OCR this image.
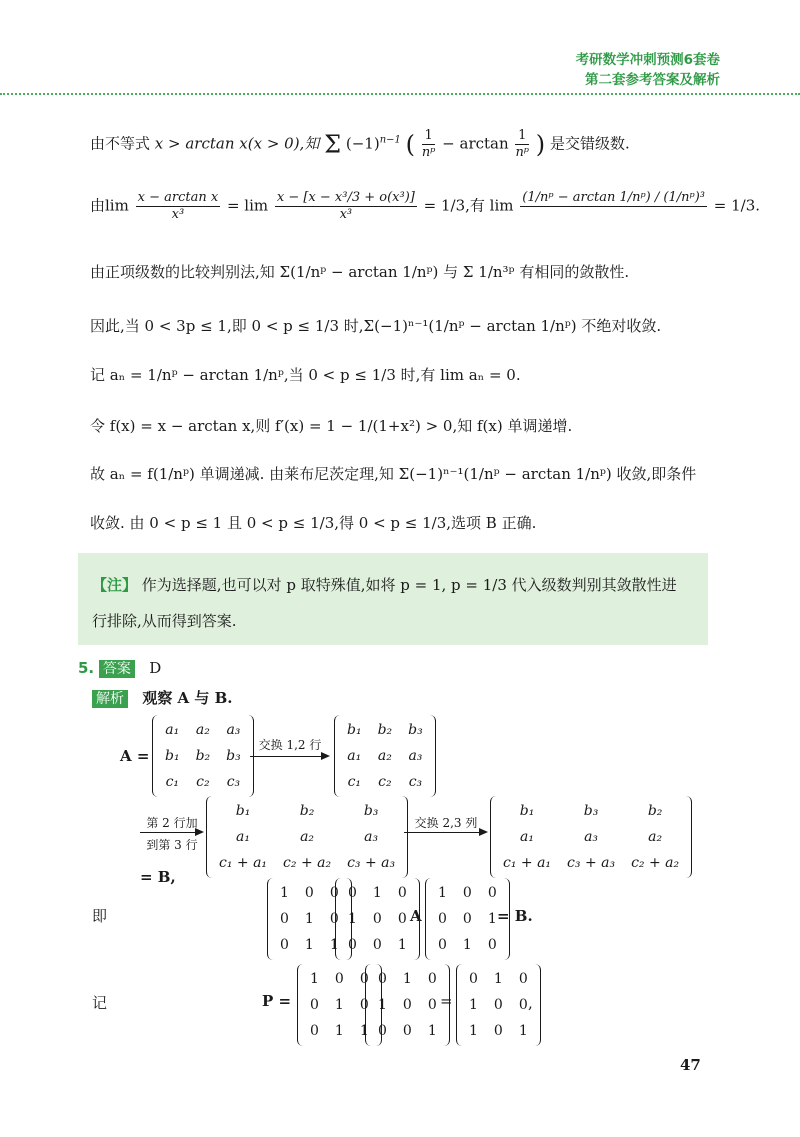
考研数学冲刺预测6套卷
第二套参考答案及解析
由不等式 x > arctan x(x > 0),知 Σ $(-1)^{n-1}$ ( $\frac{1}{\text{nᵖ}} - \arctan \frac{1}{\text{nᵖ}}$ ) 是交错级数.
由$\lim \frac{\text{x − arctan x}}{\text{x³}} = \lim \frac{\text{x − [x − x³/3 + o(x³)]}}{\text{x³}} = 1/3$,有 lim (1/nᵖ − arctan 1/nᵖ) / (1/nᵖ)³
= 1/3.
由正项级数的比较判别法,知 Σ(1/nᵖ − arctan 1/nᵖ) 与 Σ 1/n³ᵖ 有相同的敛散性.
因此,当 0 < 3p ≤ 1,即 0 < p ≤ 1/3 时,Σ(−1)ⁿ⁻¹(1/nᵖ − arctan 1/nᵖ) 不绝对收敛.
记 aₙ = 1/nᵖ − arctan 1/nᵖ,当 0 < p ≤ 1/3 时,有 lim aₙ = 0.
令 f(x) = x − arctan x,则 f′(x) = 1 − 1/(1+x²) > 0,知 f(x) 单调递增.
故 aₙ = f(1/nᵖ) 单调递减. 由莱布尼茨定理,知 Σ(−1)ⁿ⁻¹(1/nᵖ − arctan 1/nᵖ) 收敛,即条件
收敛. 由 0 < p ≤ 1 且 0 < p ≤ 1/3,得 0 < p ≤ 1/3,选项 B 正确.
【注】 作为选择题,也可以对 p 取特殊值,如将 p = 1, p = 1/3 代入级数判别其敛散性进
行排除,从而得到答案.
5. 答案 D
解析 观察 A 与 B.
A =
a₁	a₂	a₃
b₁	b₂	b₃
c₁	c₂	c₃
交换 1,2 行
b₁	b₂	b₃
a₁	a₂	a₃
c₁	c₂	c₃
第 2 行加
到第 3 行
b₁	b₂	b₃
a₁	a₂	a₃
c₁ + a₁	c₂ + a₂	c₃ + a₃
交换 2,3 列
b₁	b₃	b₂
a₁	a₃	a₂
c₁ + a₁	c₃ + a₃	c₂ + a₂
= B,
即
1	0	0
0	1	0
0	1	1
0	1	0
1	0	0
0	0	1
A
1	0	0
0	0	1
0	1	0
= B.
记	P =
1	0	0
0	1	0
0	1	1
0	1	0
1	0	0
0	0	1
=
0	1	0
1	0	0
1	0	1
,
47
